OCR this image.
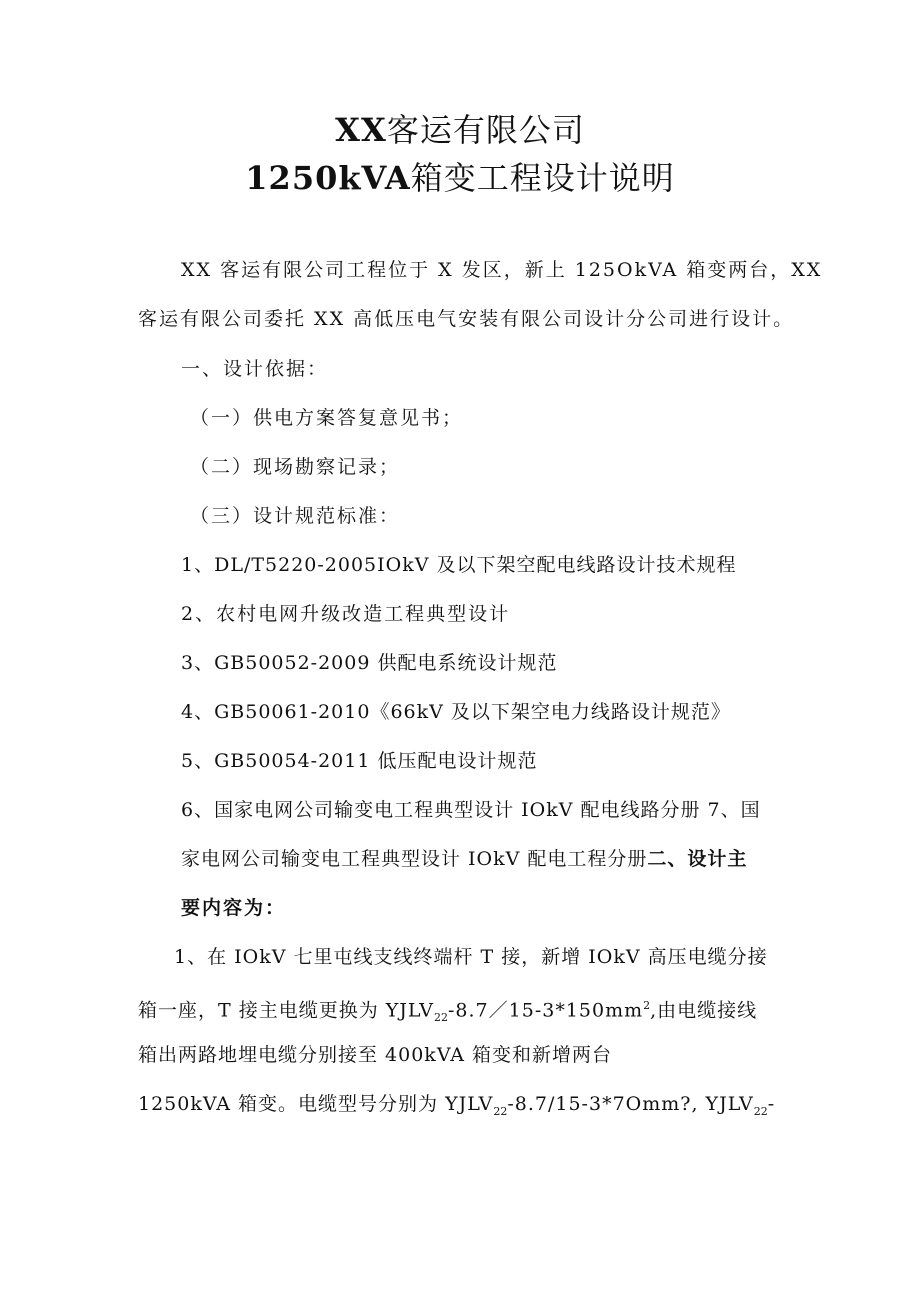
XX客运有限公司
1250kVA箱变工程设计说明
XX 客运有限公司工程位于 X 发区，新上 125OkVA 箱变两台，XX
客运有限公司委托 XX 高低压电气安装有限公司设计分公司进行设计。
一、设计依据：
（一）供电方案答复意见书；
（二）现场勘察记录；
（三）设计规范标准：
1、DL/T5220-2005IOkV 及以下架空配电线路设计技术规程
2、农村电网升级改造工程典型设计
3、GB50052-2009 供配电系统设计规范
4、GB50061-2010《66kV 及以下架空电力线路设计规范》
5、GB50054-2011 低压配电设计规范
6、国家电网公司输变电工程典型设计 IOkV 配电线路分册 7、国
家电网公司输变电工程典型设计 IOkV 配电工程分册二、设计主
要内容为：
1、在 IOkV 七里屯线支线终端杆 T 接，新增 IOkV 高压电缆分接
箱一座，T 接主电缆更换为 $YJLV_{22}-8.7/15-3*150mm^2$,由电缆接线
箱出两路地埋电缆分别接至 400kVA 箱变和新增两台
1250kVA 箱变。电缆型号分别为 $YJLV_{22}-8.7/15-3*7Omm$?, $YJLV_{22}-$
